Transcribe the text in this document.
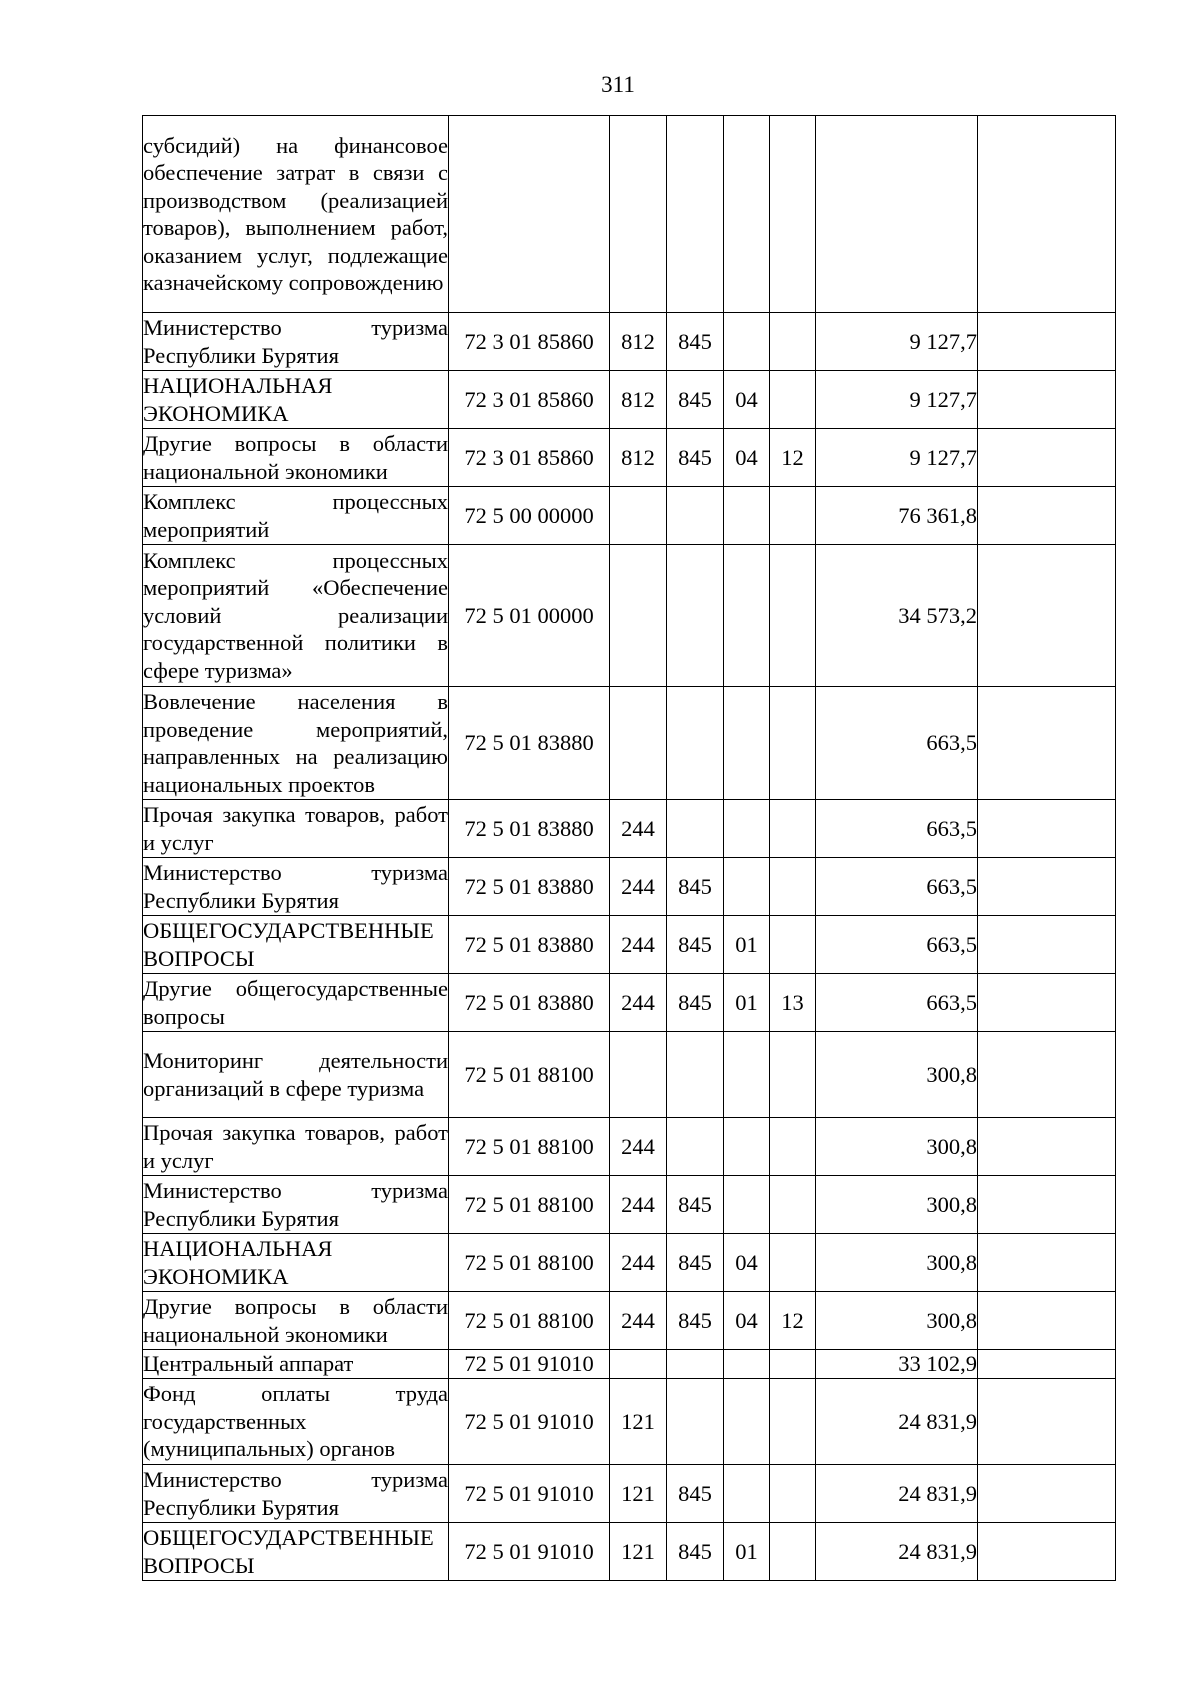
311
субсидий) на финансовое обеспечение затрат в связи с производством (реализацией товаров), выполнением работ, оказанием услуг, подлежащие казначейскому сопровождению							
Министерство туризма Республики Бурятия	72 3 01 85860	812	845			9 127,7	
НАЦИОНАЛЬНАЯ ЭКОНОМИКА	72 3 01 85860	812	845	04		9 127,7	
Другие вопросы в области национальной экономики	72 3 01 85860	812	845	04	12	9 127,7	
Комплекс процессных мероприятий	72 5 00 00000					76 361,8	
Комплекс процессных мероприятий «Обеспечение условий реализации государственной политики в сфере туризма»	72 5 01 00000					34 573,2	
Вовлечение населения в проведение мероприятий, направленных на реализацию национальных проектов	72 5 01 83880					663,5	
Прочая закупка товаров, работ и услуг	72 5 01 83880	244				663,5	
Министерство туризма Республики Бурятия	72 5 01 83880	244	845			663,5	
ОБЩЕГОСУДАРСТВЕННЫЕ ВОПРОСЫ	72 5 01 83880	244	845	01		663,5	
Другие общегосударственные вопросы	72 5 01 83880	244	845	01	13	663,5	
Мониторинг деятельности организаций в сфере туризма	72 5 01 88100					300,8	
Прочая закупка товаров, работ и услуг	72 5 01 88100	244				300,8	
Министерство туризма Республики Бурятия	72 5 01 88100	244	845			300,8	
НАЦИОНАЛЬНАЯ ЭКОНОМИКА	72 5 01 88100	244	845	04		300,8	
Другие вопросы в области национальной экономики	72 5 01 88100	244	845	04	12	300,8	
Центральный аппарат	72 5 01 91010					33 102,9	
Фонд оплаты труда государственных (муниципальных) органов	72 5 01 91010	121				24 831,9	
Министерство туризма Республики Бурятия	72 5 01 91010	121	845			24 831,9	
ОБЩЕГОСУДАРСТВЕННЫЕ ВОПРОСЫ	72 5 01 91010	121	845	01		24 831,9	
